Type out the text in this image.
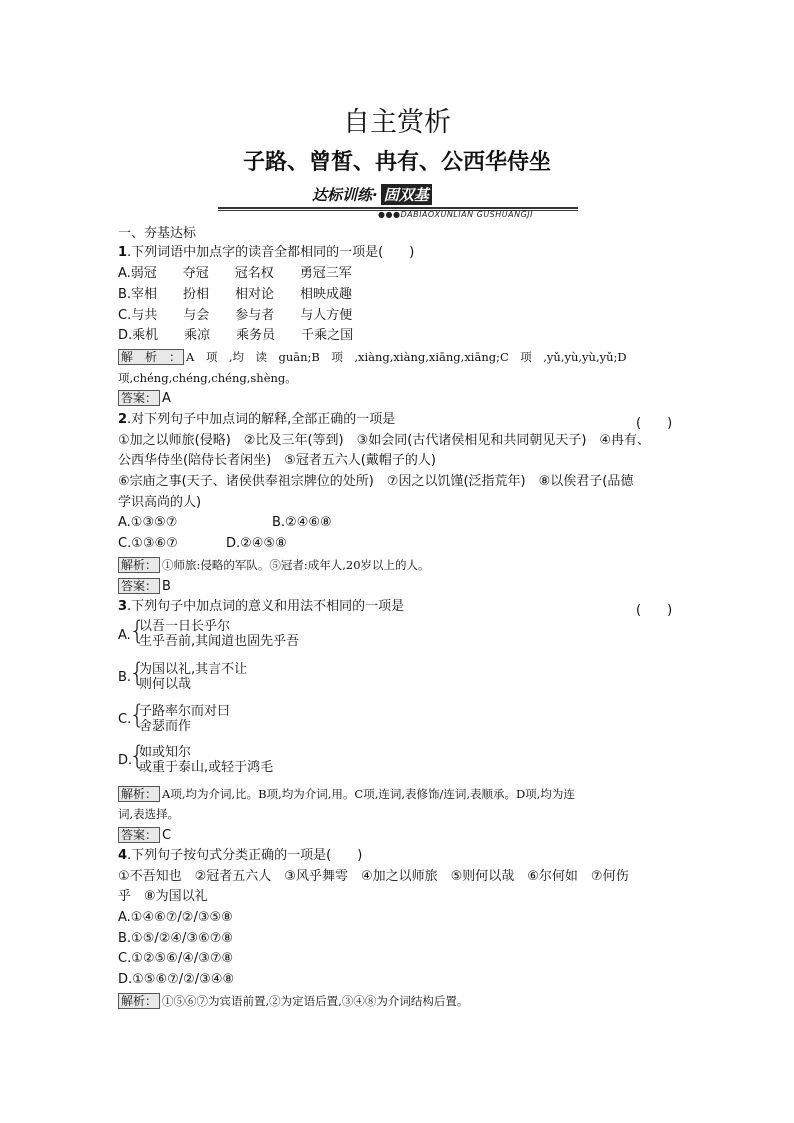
自主赏析
子路、曾皙、冉有、公西华侍坐
达标训练· 固双基
●●●DABIAOXUNLIAN GUSHUANGJI
一、夯基达标
1.下列词语中加点字的读音全都相同的一项是(　　)
A.弱冠　　夺冠　　冠名权　　勇冠三军
B.宰相　　扮相　　相对论　　相映成趣
C.与共　　与会　　参与者　　与人方便
D.乘机　　乘凉　　乘务员　　千乘之国
解　析　： A　项　,均　读　guān;B　项　,xiàng,xiàng,xiāng,xiāng;C　项　,yǔ,yù,yù,yǔ;D
项,chéng,chéng,chéng,shèng。
答案： A
2.对下列句子中加点词的解释,全部正确的一项是	(　　)
①加之以师旅(侵略)　②比及三年(等到)　③如会同(古代诸侯相见和共同朝见天子)　④冉有、
公西华侍坐(陪侍长者闲坐)　⑤冠者五六人(戴帽子的人)
⑥宗庙之事(天子、诸侯供奉祖宗牌位的处所)　⑦因之以饥馑(泛指荒年)　⑧以俟君子(品德
学识高尚的人)
A.①③⑤⑦	B.②④⑥⑧
C.①③⑥⑦	D.②④⑤⑧
解析： ①师旅:侵略的军队。⑤冠者:成年人,20岁以上的人。
答案： B
3.下列句子中加点词的意义和用法不相同的一项是	(　　)
A.
{
以吾一日长乎尔
生乎吾前,其闻道也固先乎吾
B.
{
为国以礼,其言不让
则何以哉
C.
{
子路率尔而对曰
舍瑟而作
D.
{
如或知尔
或重于泰山,或轻于鸿毛
解析： A项,均为介词,比。B项,均为介词,用。C项,连词,表修饰/连词,表顺承。D项,均为连
词,表选择。
答案： C
4.下列句子按句式分类正确的一项是(　　)
①不吾知也　②冠者五六人　③风乎舞雩　④加之以师旅　⑤则何以哉　⑥尔何如　⑦何伤
乎　⑧为国以礼
A.①④⑥⑦/②/③⑤⑧
B.①⑤/②④/③⑥⑦⑧
C.①②⑤⑥/④/③⑦⑧
D.①⑤⑥⑦/②/③④⑧
解析： ①⑤⑥⑦为宾语前置,②为定语后置,③④⑧为介词结构后置。
